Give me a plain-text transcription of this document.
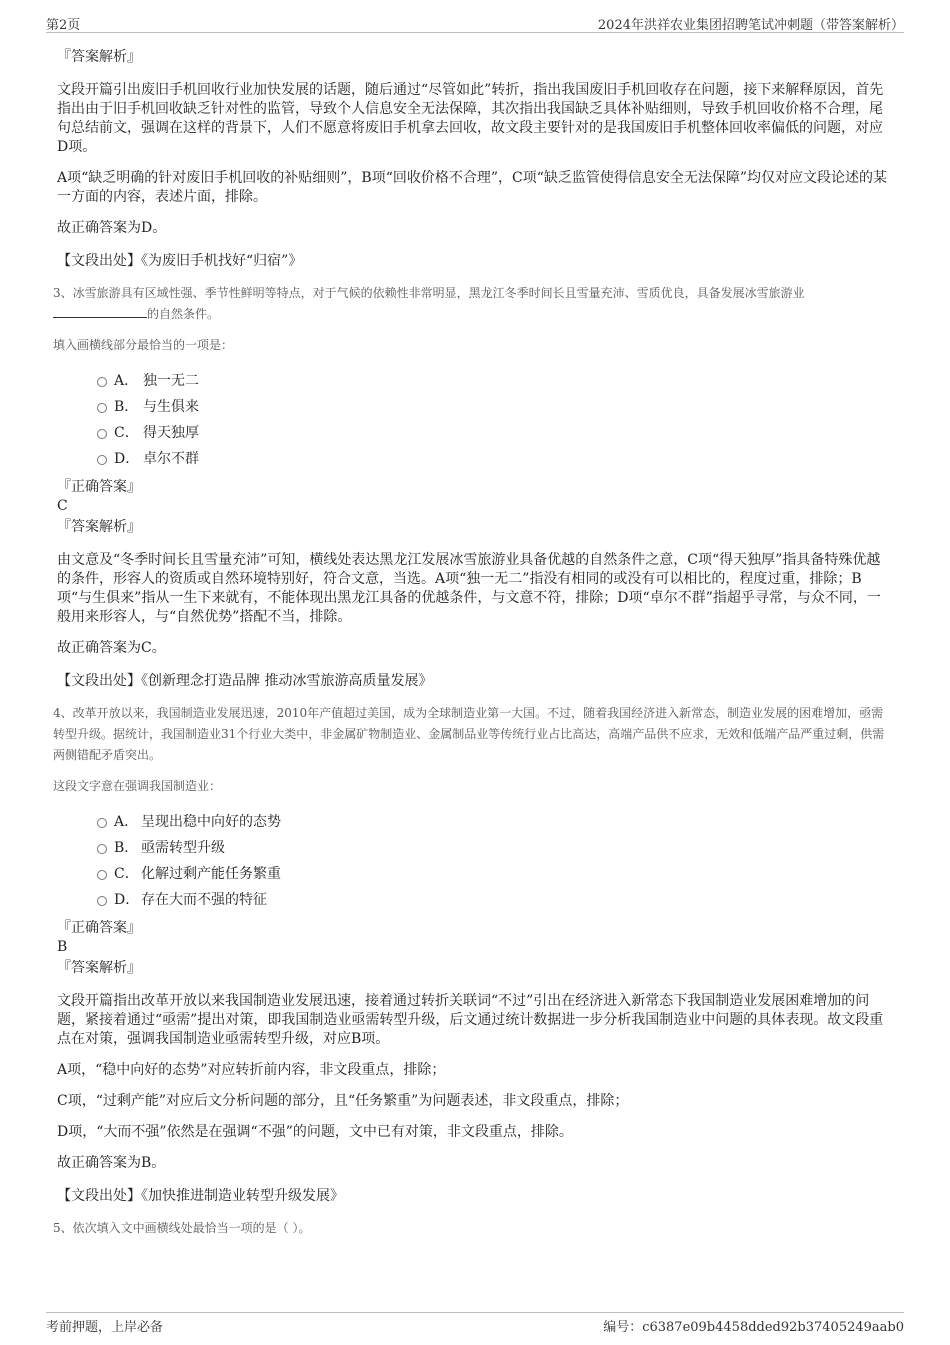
第2页	2024年洪祥农业集团招聘笔试冲刺题（带答案解析）
『答案解析』

文段开篇引出废旧手机回收行业加快发展的话题，随后通过“尽管如此”转折，指出我国废旧手机回收存在问题，接下来解释原因，首先指出由于旧手机回收缺乏针对性的监管，导致个人信息安全无法保障，其次指出我国缺乏具体补贴细则，导致手机回收价格不合理，尾句总结前文，强调在这样的背景下，人们不愿意将废旧手机拿去回收，故文段主要针对的是我国废旧手机整体回收率偏低的问题，对应D项。

A项“缺乏明确的针对废旧手机回收的补贴细则”，B项“回收价格不合理”，C项“缺乏监管使得信息安全无法保障”均仅对应文段论述的某一方面的内容，表述片面，排除。

故正确答案为D。

【文段出处】《为废旧手机找好“归宿”》

3、冰雪旅游具有区域性强、季节性鲜明等特点，对于气候的依赖性非常明显，黑龙江冬季时间长且雪量充沛、雪质优良，具备发展冰雪旅游业的自然条件。

填入画横线部分最恰当的一项是：

A． 独一无二
B． 与生俱来
C． 得天独厚
D． 卓尔不群
『正确答案』
C
『答案解析』

由文意及“冬季时间长且雪量充沛”可知，横线处表达黑龙江发展冰雪旅游业具备优越的自然条件之意，C项“得天独厚”指具备特殊优越的条件，形容人的资质或自然环境特别好，符合文意，当选。A项“独一无二”指没有相同的或没有可以相比的，程度过重，排除；B项“与生俱来”指从一生下来就有，不能体现出黑龙江具备的优越条件，与文意不符，排除；D项“卓尔不群”指超乎寻常，与众不同，一般用来形容人，与“自然优势”搭配不当，排除。

故正确答案为C。

【文段出处】《创新理念打造品牌 推动冰雪旅游高质量发展》

4、改革开放以来，我国制造业发展迅速，2010年产值超过美国，成为全球制造业第一大国。不过，随着我国经济进入新常态，制造业发展的困难增加，亟需转型升级。据统计，我国制造业31个行业大类中，非金属矿物制造业、金属制品业等传统行业占比高达，高端产品供不应求，无效和低端产品严重过剩，供需两侧错配矛盾突出。

这段文字意在强调我国制造业：

A． 呈现出稳中向好的态势
B． 亟需转型升级
C． 化解过剩产能任务繁重
D． 存在大而不强的特征
『正确答案』
B
『答案解析』

文段开篇指出改革开放以来我国制造业发展迅速，接着通过转折关联词“不过”引出在经济进入新常态下我国制造业发展困难增加的问题，紧接着通过“亟需”提出对策，即我国制造业亟需转型升级，后文通过统计数据进一步分析我国制造业中问题的具体表现。故文段重点在对策，强调我国制造业亟需转型升级，对应B项。

A项，“稳中向好的态势”对应转折前内容，非文段重点，排除；

C项，“过剩产能”对应后文分析问题的部分，且“任务繁重”为问题表述，非文段重点，排除；

D项，“大而不强”依然是在强调“不强”的问题，文中已有对策，非文段重点，排除。

故正确答案为B。

【文段出处】《加快推进制造业转型升级发展》

5、依次填入文中画横线处最恰当一项的是（ ）。

考前押题，上岸必备	编号：c6387e09b4458dded92b37405249aab0
